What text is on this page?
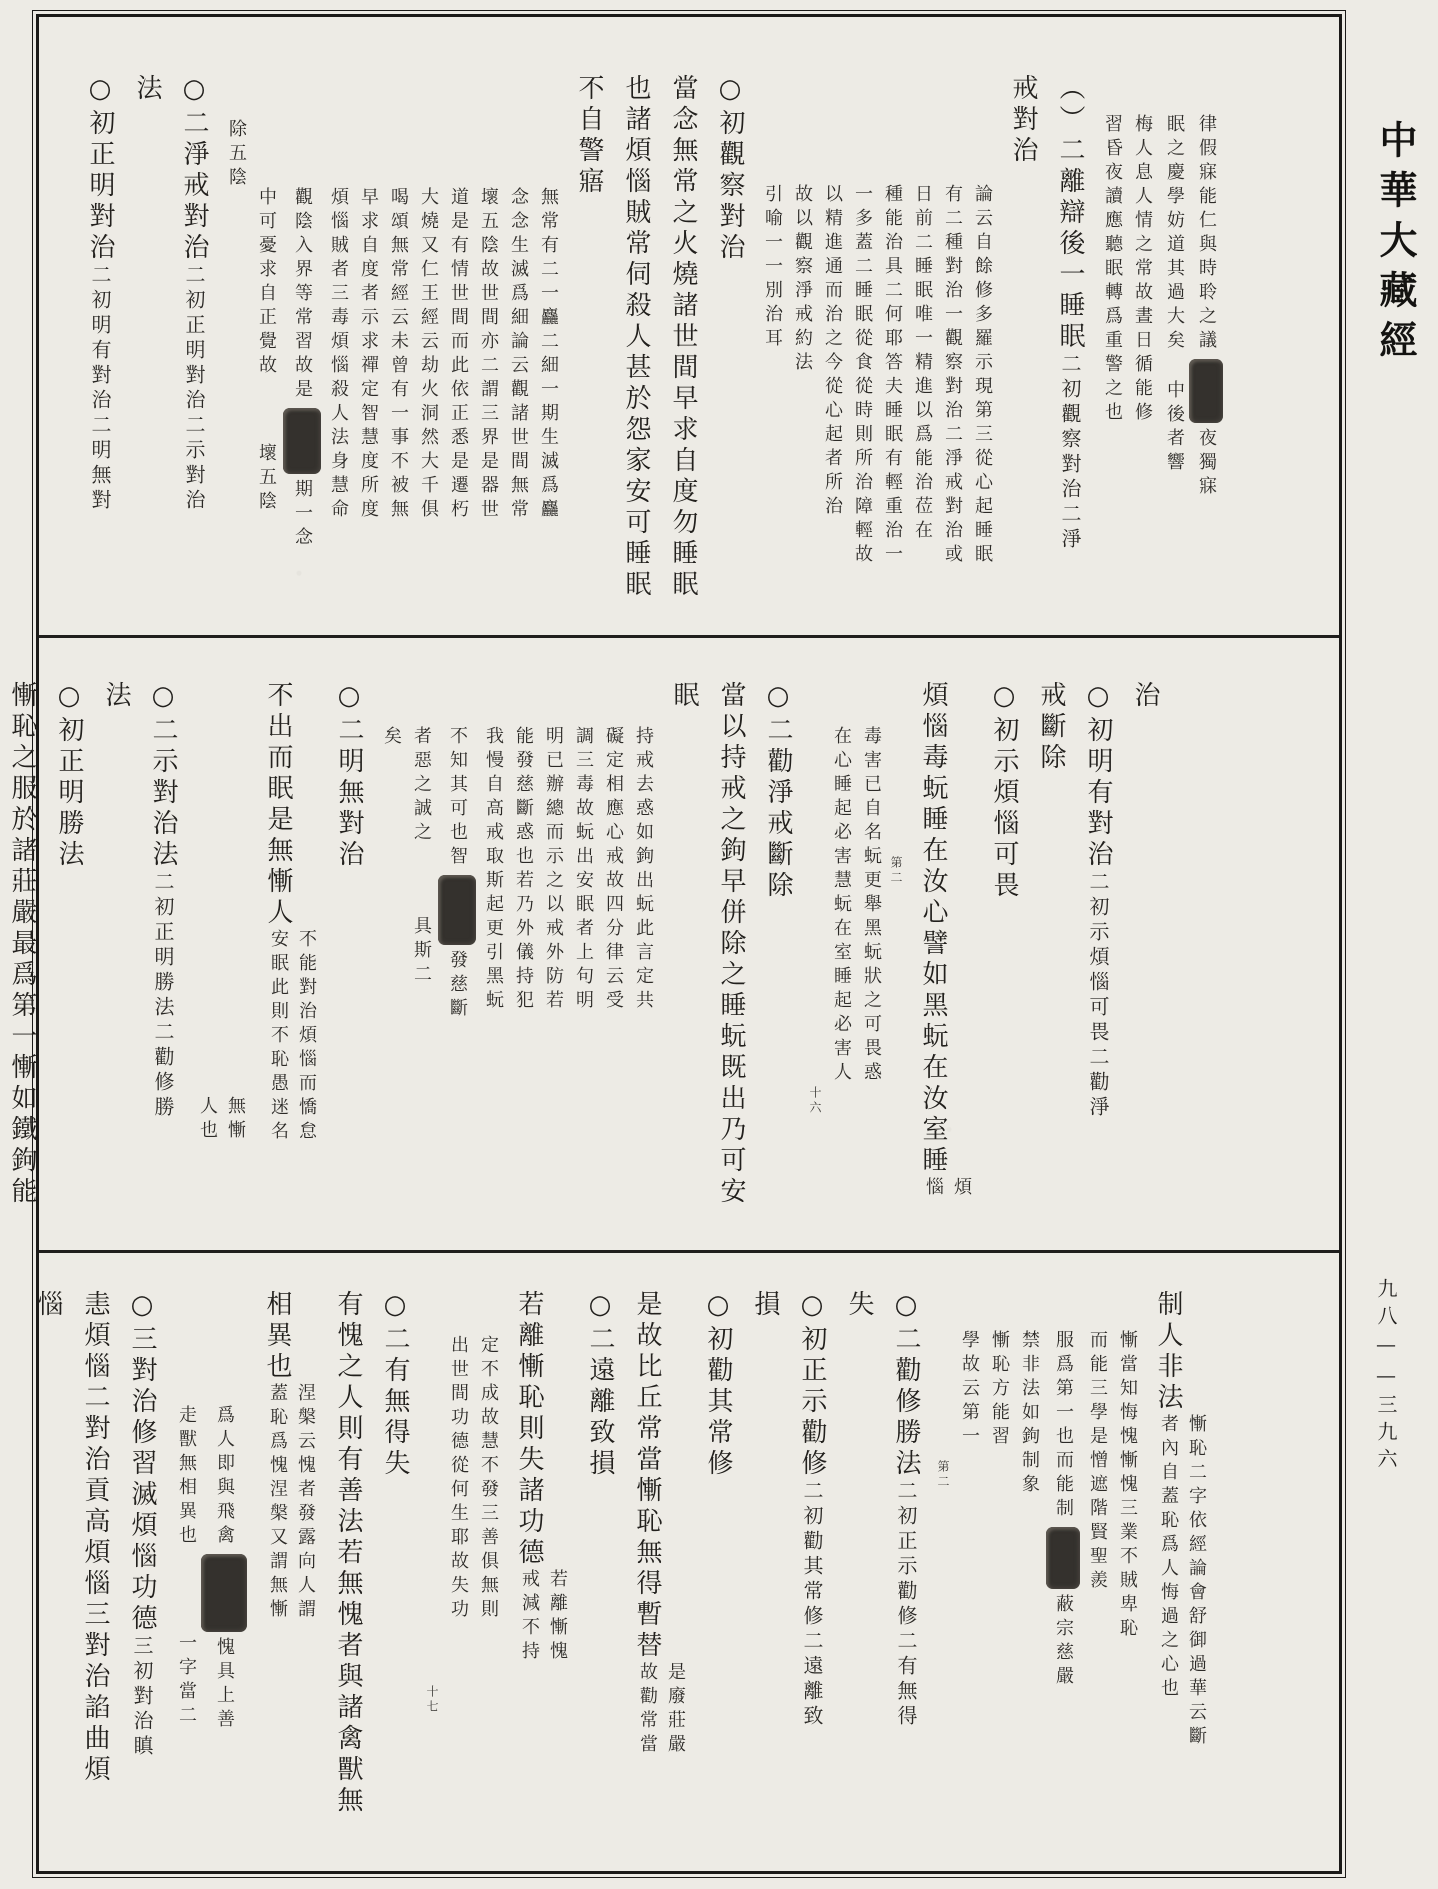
律假寐能仁與時聆之議夜獨寐
眠之慶學妨道其過大矣中後者響
梅人息人情之常故晝日循能修
習昏夜讀應聽眠轉爲重警之也
（）二離辯後一睡眠二初觀察對治二淨
戒對治
論云自餘修多羅示現第三從心起睡眠
有二種對治一觀察對治二淨戒對治或
日前二睡眠唯一精進以爲能治莅在
種能治具二何耶答夫睡眠有輕重治一
一多蓋二睡眠從食從時則所治障輕故
以精進通而治之今從心起者所治
故以觀察淨戒約法
引喻一一別治耳
○初觀察對治
當念無常之火燒諸世間早求自度勿睡眠
也諸煩惱賊常伺殺人甚於怨家安可睡眠
不自警寤
無常有二一麤二細一期生滅爲麤
念念生滅爲細論云觀諸世間無常
壞五陰故世間亦二謂三界是器世
道是有情世間而此依正悉是遷朽
大燒又仁王經云劫火洞然大千俱
喝頌無常經云未曾有一事不被無
早求自度者示求禪定智慧度所度
煩惱賊者三毒煩惱殺人法身慧命
觀陰入界等常習故是期一念
中可憂求自正覺故壞五陰
除五陰
○二淨戒對治二初正明對治二示對治
法
○初正明對治二初明有對治二明無對
治
○初明有對治二初示煩惱可畏二勸淨
戒斷除
○初示煩惱可畏
煩惱毒蚖睡在汝心譬如黑蚖在汝室睡
煩
惱
第二
毒害已自名蚖更舉黑蚖狀之可畏惑
在心睡起必害慧蚖在室睡起必害人
十六
○二勸淨戒斷除
當以持戒之鉤早併除之睡蚖既出乃可安
眠
持戒去惑如鉤出蚖此言定共
礙定相應心戒故四分律云受
調三毒故蚖出安眠者上句明
明已辦總而示之以戒外防若
能發慈斷惑也若乃外儀持犯
我慢自高戒取斯起更引黑蚖
不知其可也智發慈斷
者惡之誠之具斯二
矣
○二明無對治
不出而眠是無慚人
不能對治煩惱而憍怠
安眠此則不恥愚迷名
無慚
人也
○二示對治法二初正明勝法二勸修勝
法
○初正明勝法
慚恥之服於諸莊嚴最爲第一慚如鐵鉤能
制人非法
慚恥二字依經論會舒御過華云斷
者內自蓋恥爲人悔過之心也
慚當知悔愧慚愧三業不賊卑恥
而能三學是憎遮階賢聖羨
服爲第一也而能制蔽宗慈嚴
禁非法如鉤制象
慚恥方能習
學故云第一
第二
○二勸修勝法二初正示勸修二有無得
失
○初正示勸修二初勸其常修二遠離致
損
○初勸其常修
是故比丘常當慚恥無得暫替
是廢莊嚴
故勸常當
○二遠離致損
若離慚恥則失諸功德
若離慚愧
戒減不持
定不成故慧不發三善俱無則
出世間功德從何生耶故失功
十七
○二有無得失
有愧之人則有善法若無愧者與諸禽獸無
相異也
涅槃云愧者發露向人謂
蓋恥爲愧涅槃又謂無慚
爲人即與飛禽愧具上善
走獸無相異也一字當二
○三對治修習滅煩惱功德三初對治瞋
恚煩惱二對治貢高煩惱三對治諂曲煩
惱
中華大藏經
九八——三九六
